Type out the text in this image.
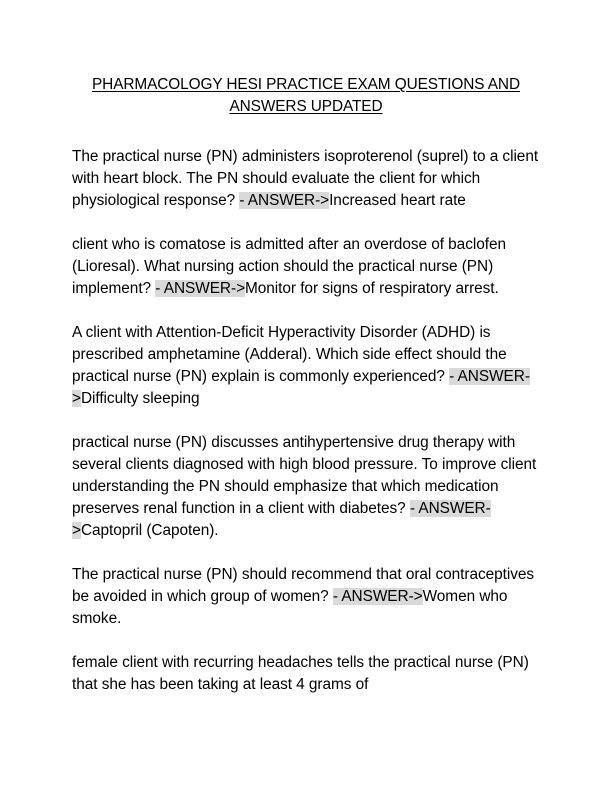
PHARMACOLOGY HESI PRACTICE EXAM QUESTIONS AND ANSWERS UPDATED

The practical nurse (PN) administers isoproterenol (suprel) to a client with heart block. The PN should evaluate the client for which physiological response? - ANSWER->Increased heart rate

client who is comatose is admitted after an overdose of baclofen (Lioresal). What nursing action should the practical nurse (PN) implement? - ANSWER->Monitor for signs of respiratory arrest.

A client with Attention-Deficit Hyperactivity Disorder (ADHD) is prescribed amphetamine (Adderal). Which side effect should the practical nurse (PN) explain is commonly experienced? - ANSWER->Difficulty sleeping

practical nurse (PN) discusses antihypertensive drug therapy with several clients diagnosed with high blood pressure. To improve client understanding the PN should emphasize that which medication preserves renal function in a client with diabetes? - ANSWER->Captopril (Capoten).

The practical nurse (PN) should recommend that oral contraceptives be avoided in which group of women? - ANSWER->Women who smoke.

female client with recurring headaches tells the practical nurse (PN) that she has been taking at least 4 grams of
